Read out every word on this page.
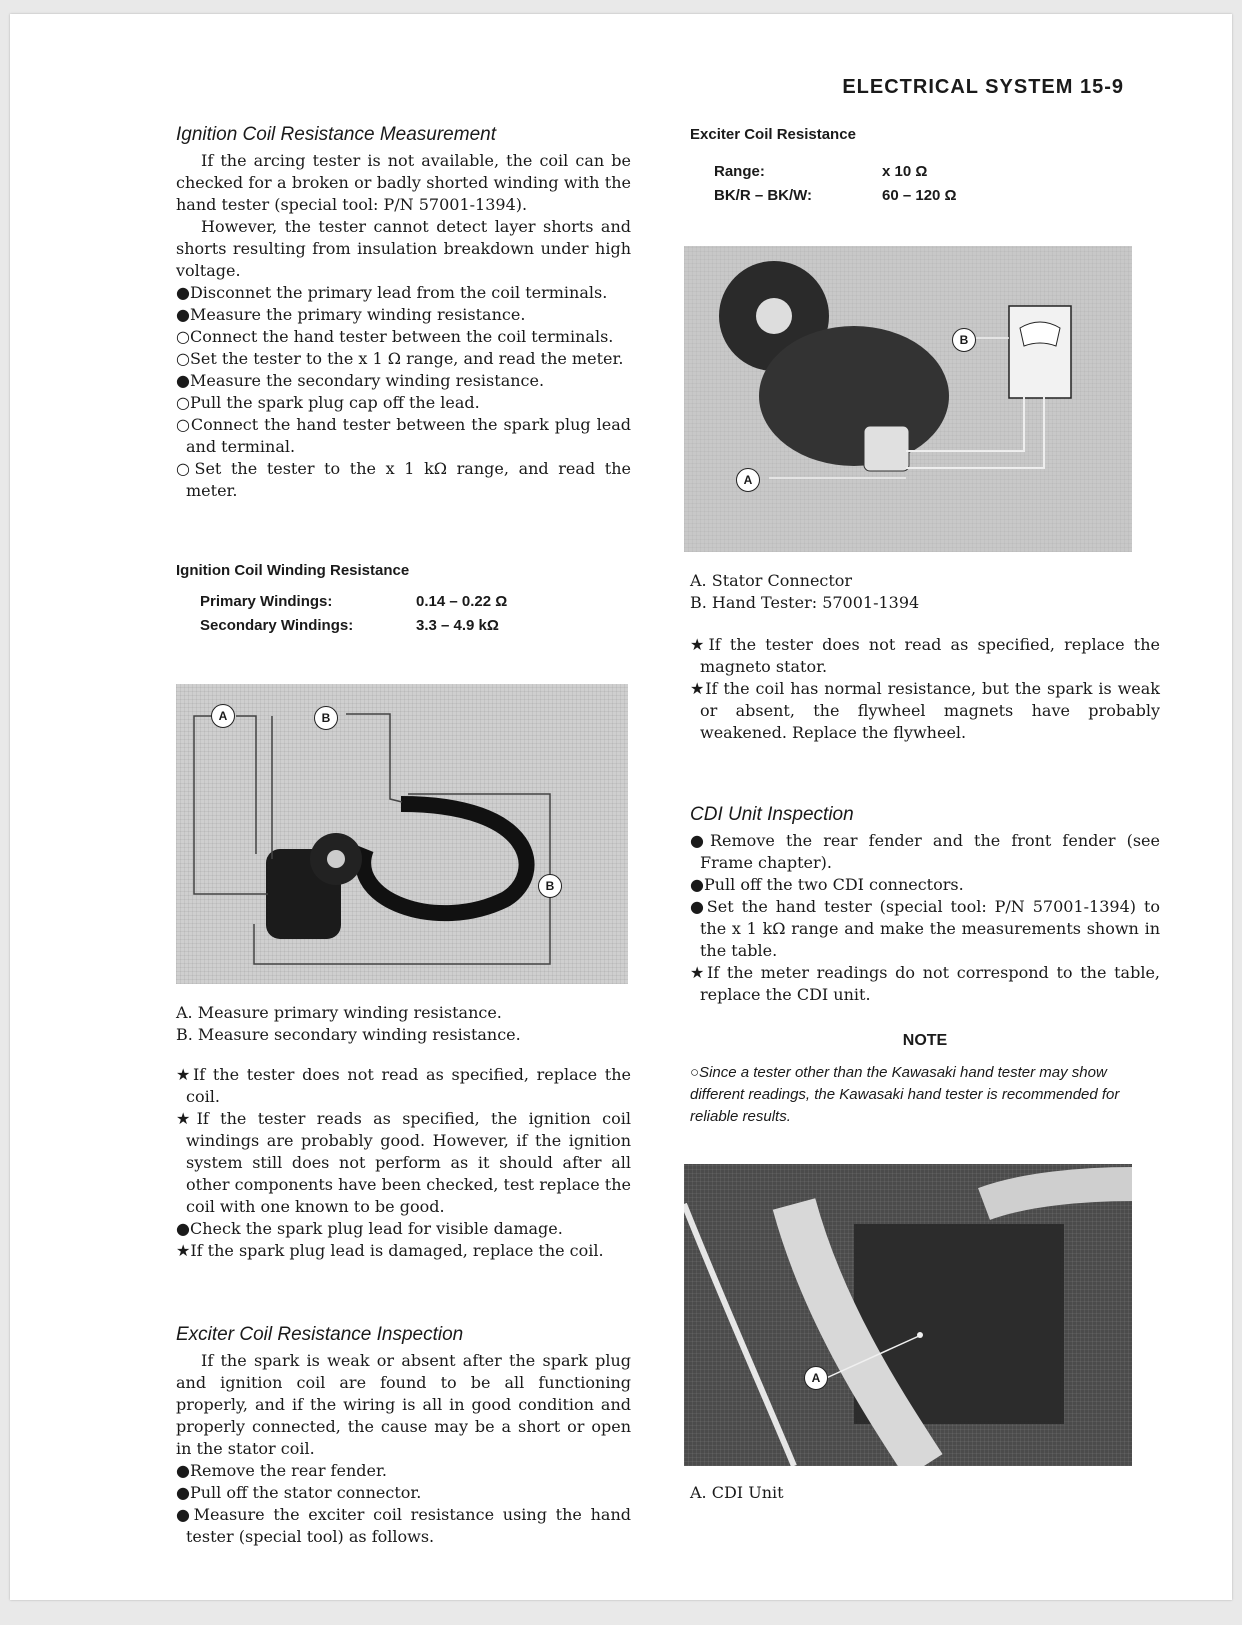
ELECTRICAL SYSTEM 15-9
Ignition Coil Resistance Measurement

If the arcing tester is not available, the coil can be checked for a broken or badly shorted winding with the hand tester (special tool: P/N 57001-1394).

However, the tester cannot detect layer shorts and shorts resulting from insulation breakdown under high voltage.

●Disconnet the primary lead from the coil terminals.
●Measure the primary winding resistance.
○Connect the hand tester between the coil terminals.
○Set the tester to the x 1 Ω range, and read the meter.
●Measure the secondary winding resistance.
○Pull the spark plug cap off the lead.
○Connect the hand tester between the spark plug lead and terminal.
○Set the tester to the x 1 kΩ range, and read the meter.
Ignition Coil Winding Resistance
Primary Windings:	0.14 – 0.22 Ω
Secondary Windings:	3.3 – 4.9 kΩ
A	B
B
A. Measure primary winding resistance.
B. Measure secondary winding resistance.
★If the tester does not read as specified, replace the coil.
★If the tester reads as specified, the ignition coil windings are probably good. However, if the ignition system still does not perform as it should after all other components have been checked, test replace the coil with one known to be good.
●Check the spark plug lead for visible damage.
★If the spark plug lead is damaged, replace the coil.
Exciter Coil Resistance Inspection

If the spark is weak or absent after the spark plug and ignition coil are found to be all functioning properly, and if the wiring is all in good condition and properly connected, the cause may be a short or open in the stator coil.

●Remove the rear fender.
●Pull off the stator connector.
●Measure the exciter coil resistance using the hand tester (special tool) as follows.
Exciter Coil Resistance
Range:	x 10 Ω
BK/R – BK/W:	60 – 120 Ω
B
A
A. Stator Connector
B. Hand Tester: 57001-1394
★If the tester does not read as specified, replace the magneto stator.
★If the coil has normal resistance, but the spark is weak or absent, the flywheel magnets have probably weakened. Replace the flywheel.
CDI Unit Inspection
●Remove the rear fender and the front fender (see Frame chapter).
●Pull off the two CDI connectors.
●Set the hand tester (special tool: P/N 57001-1394) to the x 1 kΩ range and make the measurements shown in the table.
★If the meter readings do not correspond to the table, replace the CDI unit.
NOTE
○Since a tester other than the Kawasaki hand tester may show different readings, the Kawasaki hand tester is recommended for reliable results.
A
A. CDI Unit
